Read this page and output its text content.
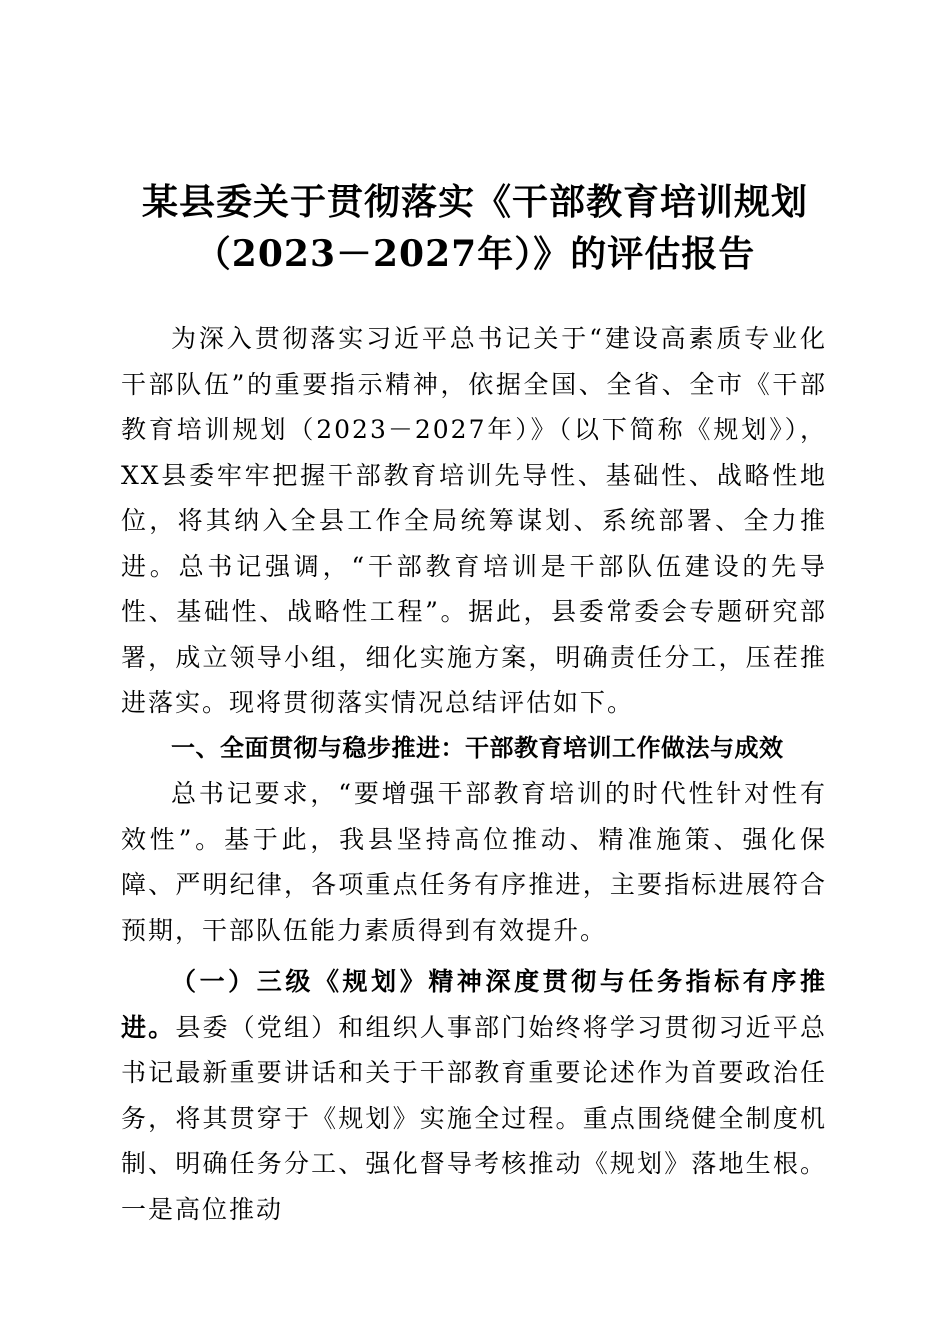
某县委关于贯彻落实《干部教育培训规划
（2023－2027年）》的评估报告

为深入贯彻落实习近平总书记关于“建设高素质专业化干部队伍”的重要指示精神，依据全国、全省、全市《干部教育培训规划（2023－2027年）》（以下简称《规划》），XX县委牢牢把握干部教育培训先导性、基础性、战略性地位，将其纳入全县工作全局统筹谋划、系统部署、全力推进。总书记强调，“干部教育培训是干部队伍建设的先导性、基础性、战略性工程”。据此，县委常委会专题研究部署，成立领导小组，细化实施方案，明确责任分工，压茬推进落实。现将贯彻落实情况总结评估如下。

一、全面贯彻与稳步推进：干部教育培训工作做法与成效

总书记要求，“要增强干部教育培训的时代性针对性有效性”。基于此，我县坚持高位推动、精准施策、强化保障、严明纪律，各项重点任务有序推进，主要指标进展符合预期，干部队伍能力素质得到有效提升。

（一）三级《规划》精神深度贯彻与任务指标有序推进。县委（党组）和组织人事部门始终将学习贯彻习近平总书记最新重要讲话和关于干部教育重要论述作为首要政治任务，将其贯穿于《规划》实施全过程。重点围绕健全制度机制、明确任务分工、强化督导考核推动《规划》落地生根。一是高位推动
